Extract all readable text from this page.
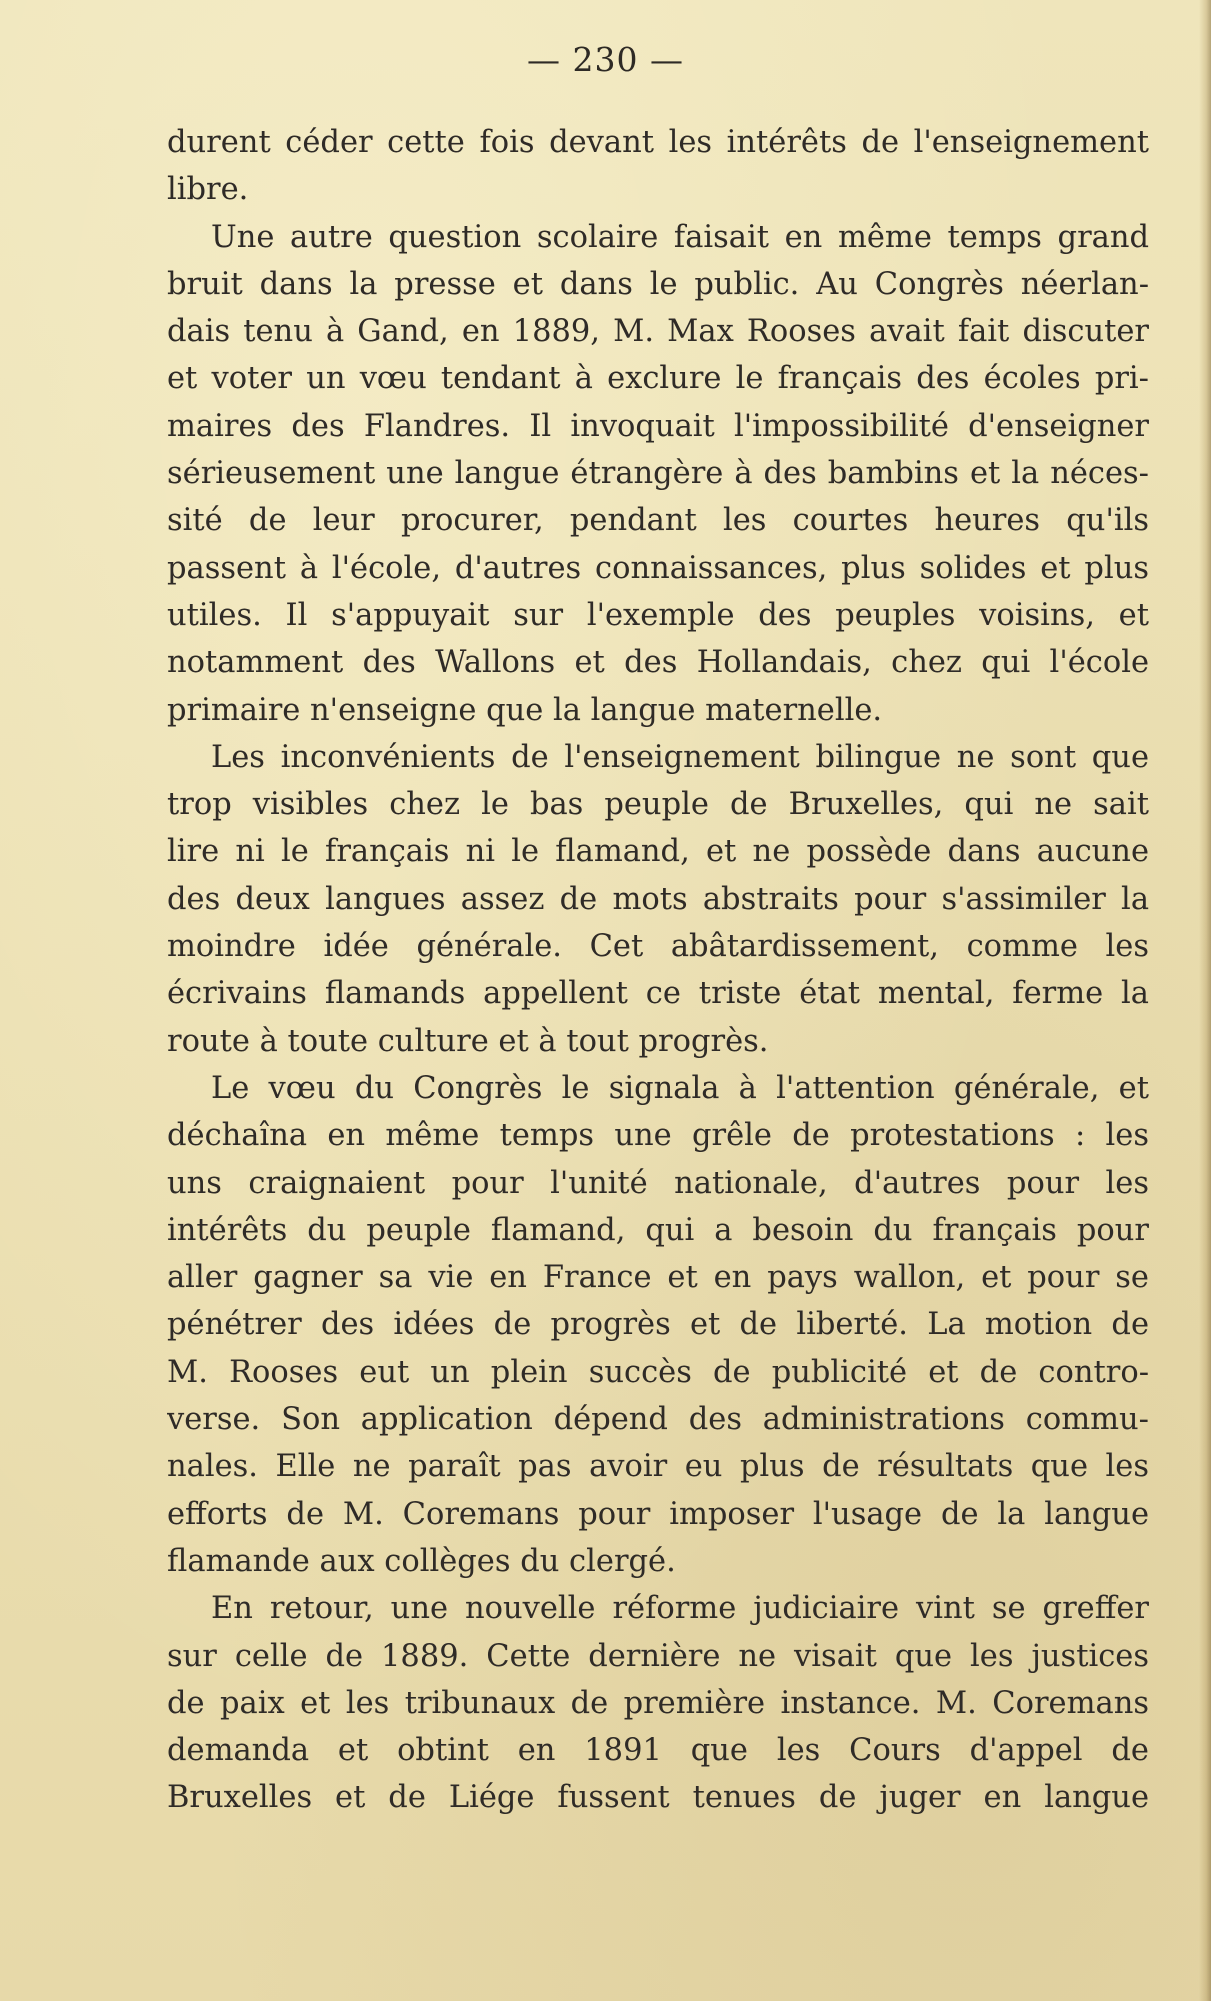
— 230 —
durent céder cette fois devant les intérêts de l'enseignement
libre.
Une autre question scolaire faisait en même temps grand
bruit dans la presse et dans le public. Au Congrès néerlan-
dais tenu à Gand, en 1889, M. Max Rooses avait fait discuter
et voter un vœu tendant à exclure le français des écoles pri-
maires des Flandres. Il invoquait l'impossibilité d'enseigner
sérieusement une langue étrangère à des bambins et la néces-
sité de leur procurer, pendant les courtes heures qu'ils
passent à l'école, d'autres connaissances, plus solides et plus
utiles. Il s'appuyait sur l'exemple des peuples voisins, et
notamment des Wallons et des Hollandais, chez qui l'école
primaire n'enseigne que la langue maternelle.
Les inconvénients de l'enseignement bilingue ne sont que
trop visibles chez le bas peuple de Bruxelles, qui ne sait
lire ni le français ni le flamand, et ne possède dans aucune
des deux langues assez de mots abstraits pour s'assimiler la
moindre idée générale. Cet abâtardissement, comme les
écrivains flamands appellent ce triste état mental, ferme la
route à toute culture et à tout progrès.
Le vœu du Congrès le signala à l'attention générale, et
déchaîna en même temps une grêle de protestations : les
uns craignaient pour l'unité nationale, d'autres pour les
intérêts du peuple flamand, qui a besoin du français pour
aller gagner sa vie en France et en pays wallon, et pour se
pénétrer des idées de progrès et de liberté. La motion de
M. Rooses eut un plein succès de publicité et de contro-
verse. Son application dépend des administrations commu-
nales. Elle ne paraît pas avoir eu plus de résultats que les
efforts de M. Coremans pour imposer l'usage de la langue
flamande aux collèges du clergé.
En retour, une nouvelle réforme judiciaire vint se greffer
sur celle de 1889. Cette dernière ne visait que les justices
de paix et les tribunaux de première instance. M. Coremans
demanda et obtint en 1891 que les Cours d'appel de
Bruxelles et de Liége fussent tenues de juger en langue
